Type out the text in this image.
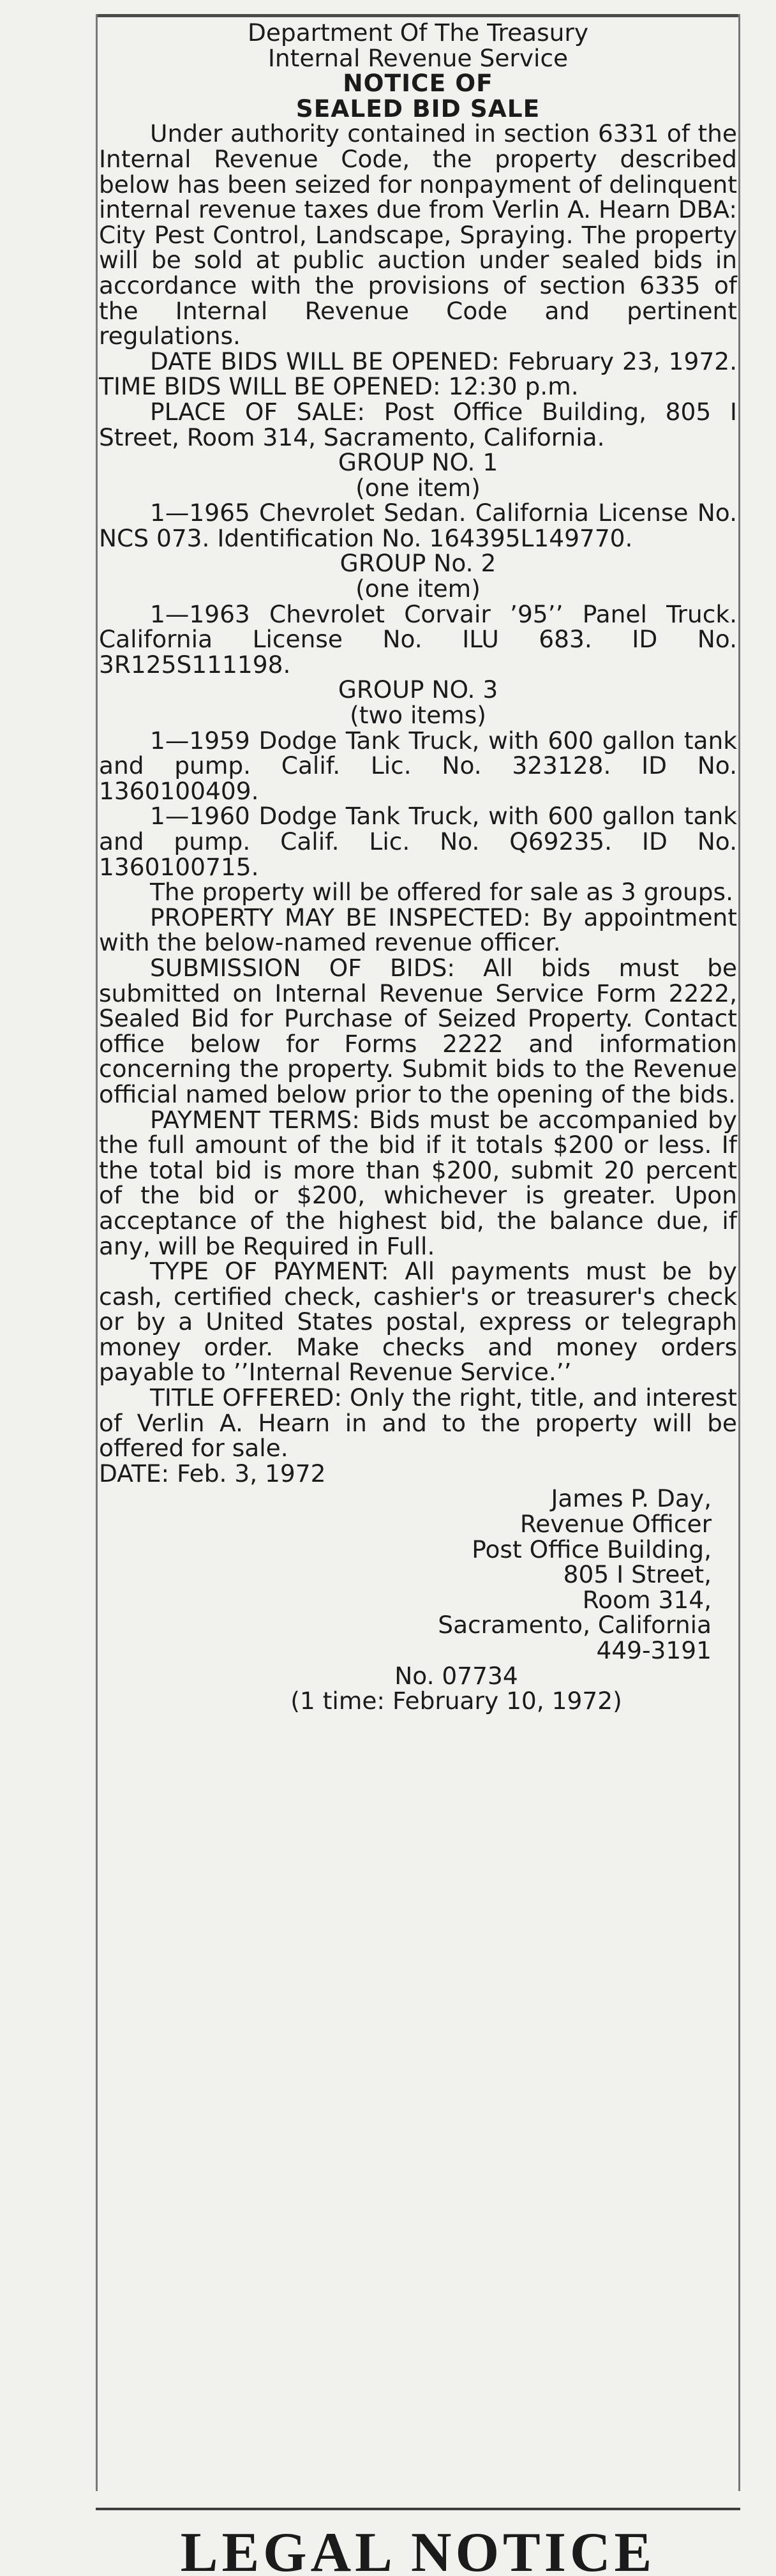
Department Of The Treasury

Internal Revenue Service

NOTICE OF

SEALED BID SALE

Under authority contained in section 6331 of the Internal Revenue Code, the property described below has been seized for nonpayment of delinquent internal revenue taxes due from Verlin A. Hearn DBA: City Pest Control, Landscape, Spraying. The property will be sold at public auction under sealed bids in accordance with the provisions of section 6335 of the Internal Revenue Code and pertinent regulations.

DATE BIDS WILL BE OPENED: February 23, 1972. TIME BIDS WILL BE OPENED: 12:30 p.m.

PLACE OF SALE: Post Office Building, 805 I Street, Room 314, Sacramento, California.

GROUP NO. 1

(one item)

1—1965 Chevrolet Sedan. California License No. NCS 073. Identification No. 164395L149770.

GROUP No. 2

(one item)

1—1963 Chevrolet Corvair ’95’’ Panel Truck. California License No. ILU 683. ID No. 3R125S111198.

GROUP NO. 3

(two items)

1—1959 Dodge Tank Truck, with 600 gallon tank and pump. Calif. Lic. No. 323128. ID No. 1360100409.

1—1960 Dodge Tank Truck, with 600 gallon tank and pump. Calif. Lic. No. Q69235. ID No. 1360100715.

The property will be offered for sale as 3 groups.

PROPERTY MAY BE INSPECTED: By appointment with the below-named revenue officer.

SUBMISSION OF BIDS: All bids must be submitted on Internal Revenue Service Form 2222, Sealed Bid for Purchase of Seized Property. Contact office below for Forms 2222 and information concerning the property. Submit bids to the Revenue official named below prior to the opening of the bids.

PAYMENT TERMS: Bids must be accompanied by the full amount of the bid if it totals $200 or less. If the total bid is more than $200, submit 20 percent of the bid or $200, whichever is greater. Upon acceptance of the highest bid, the balance due, if any, will be Required in Full.

TYPE OF PAYMENT: All payments must be by cash, certified check, cashier's or treasurer's check or by a United States postal, express or telegraph money order. Make checks and money orders payable to ’’Internal Revenue Service.’’

TITLE OFFERED: Only the right, title, and interest of Verlin A. Hearn in and to the property will be offered for sale.

DATE: Feb. 3, 1972

James P. Day,

Revenue Officer

Post Office Building,

805 I Street,

Room 314,

Sacramento, California

449-3191

No. 07734

(1 time: February 10, 1972)

LEGAL NOTICE
